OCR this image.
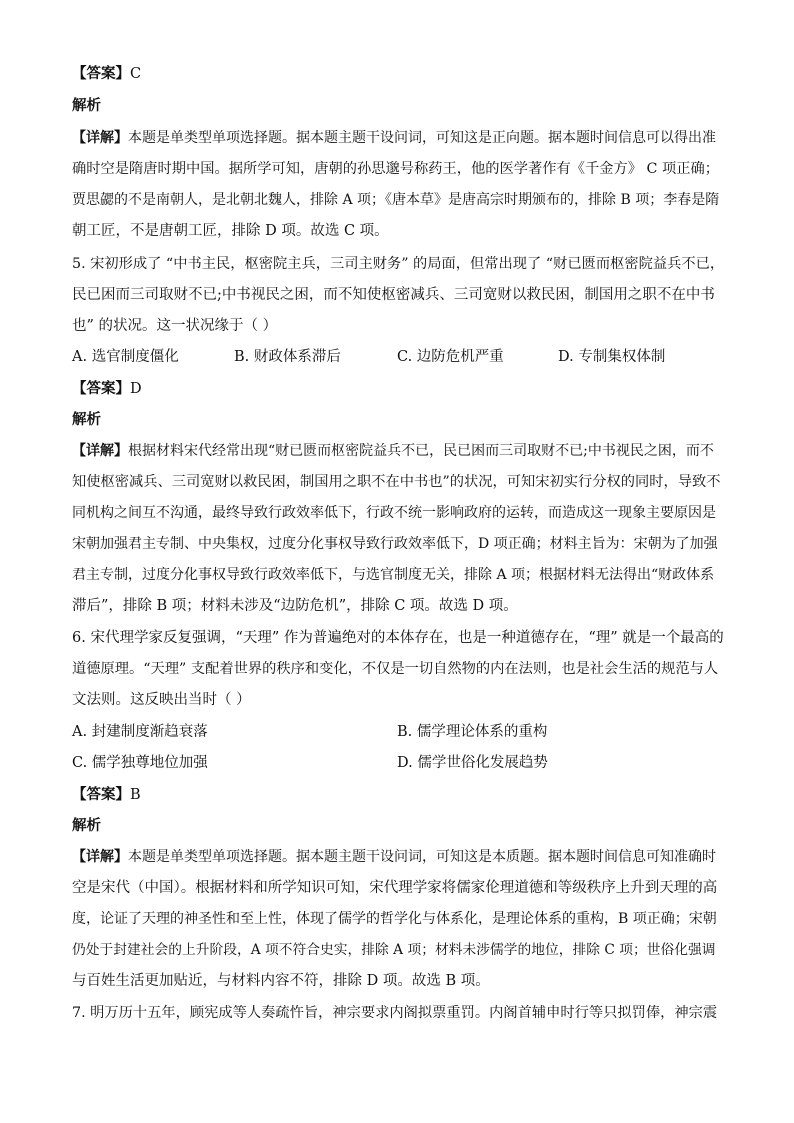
【答案】C
解析
【详解】本题是单类型单项选择题。据本题主题干设问词，可知这是正向题。据本题时间信息可以得出准
确时空是隋唐时期中国。据所学可知，唐朝的孙思邈号称药王，他的医学著作有《千金方》 C 项正确；
贾思勰的不是南朝人，是北朝北魏人，排除 A 项；《唐本草》是唐高宗时期颁布的，排除 B 项；李春是隋
朝工匠，不是唐朝工匠，排除 D 项。故选 C 项。
5. 宋初形成了 “中书主民，枢密院主兵，三司主财务” 的局面，但常出现了 “财已匮而枢密院益兵不已，
民已困而三司取财不已;中书视民之困，而不知使枢密减兵、三司宽财以救民困，制国用之职不在中书
也” 的状况。这一状况缘于（ ）
A. 选官制度僵化	B. 财政体系滞后	C. 边防危机严重	D. 专制集权体制
【答案】D
解析
【详解】根据材料宋代经常出现“财已匮而枢密院益兵不已，民已困而三司取财不已;中书视民之困，而不
知使枢密减兵、三司宽财以救民困，制国用之职不在中书也”的状况，可知宋初实行分权的同时，导致不
同机构之间互不沟通，最终导致行政效率低下，行政不统一影响政府的运转，而造成这一现象主要原因是
宋朝加强君主专制、中央集权，过度分化事权导致行政效率低下，D 项正确；材料主旨为：宋朝为了加强
君主专制，过度分化事权导致行政效率低下，与选官制度无关，排除 A 项；根据材料无法得出“财政体系
滞后”，排除 B 项；材料未涉及“边防危机”，排除 C 项。故选 D 项。
6. 宋代理学家反复强调，“天理” 作为普遍绝对的本体存在，也是一种道德存在，“理” 就是一个最高的
道德原理。“天理” 支配着世界的秩序和变化，不仅是一切自然物的内在法则，也是社会生活的规范与人
文法则。这反映出当时（ ）
A. 封建制度渐趋衰落	B. 儒学理论体系的重构
C. 儒学独尊地位加强	D. 儒学世俗化发展趋势
【答案】B
解析
【详解】本题是单类型单项选择题。据本题主题干设问词，可知这是本质题。据本题时间信息可知准确时
空是宋代（中国）。根据材料和所学知识可知，宋代理学家将儒家伦理道德和等级秩序上升到天理的高
度，论证了天理的神圣性和至上性，体现了儒学的哲学化与体系化，是理论体系的重构，B 项正确；宋朝
仍处于封建社会的上升阶段，A 项不符合史实，排除 A 项；材料未涉儒学的地位，排除 C 项；世俗化强调
与百姓生活更加贴近，与材料内容不符，排除 D 项。故选 B 项。
7. 明万历十五年，顾宪成等人奏疏忤旨，神宗要求内阁拟票重罚。内阁首辅申时行等只拟罚俸，神宗震
